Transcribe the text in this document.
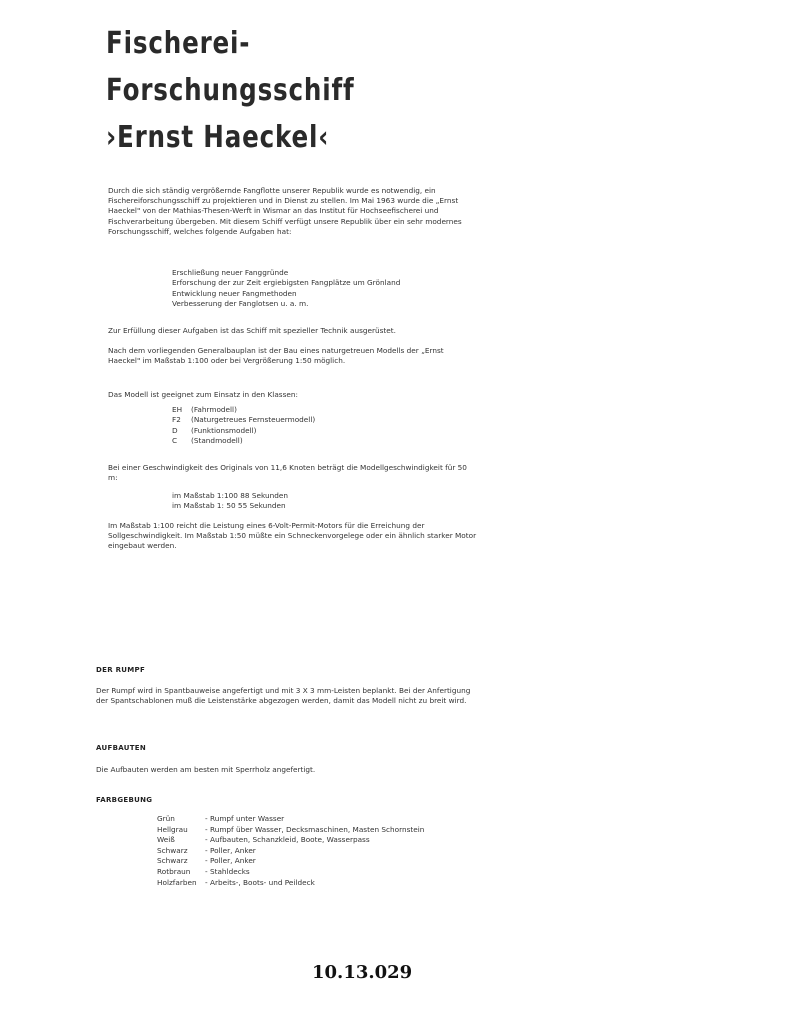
Fischerei-
Forschungsschiff
›Ernst Haeckel‹
Durch die sich ständig vergrößernde Fangflotte unserer Republik wurde es notwendig, ein Fischereiforschungsschiff zu projektieren und in Dienst zu stellen. Im Mai 1963 wurde die „Ernst Haeckel" von der Mathias-Thesen-Werft in Wismar an das Institut für Hochseefischerei und Fischverarbeitung übergeben. Mit diesem Schiff verfügt unsere Republik über ein sehr modernes Forschungsschiff, welches folgende Aufgaben hat:
Erschließung neuer Fanggründe
Erforschung der zur Zeit ergiebigsten Fangplätze um Grönland
Entwicklung neuer Fangmethoden
Verbesserung der Fanglotsen u. a. m.
Zur Erfüllung dieser Aufgaben ist das Schiff mit spezieller Technik ausgerüstet.
Nach dem vorliegenden Generalbauplan ist der Bau eines naturgetreuen Modells der „Ernst Haeckel" im Maßstab 1:100 oder bei Vergrößerung 1:50 möglich.
Das Modell ist geeignet zum Einsatz in den Klassen:
EH	(Fahrmodell)
F2	(Naturgetreues Fernsteuermodell)
D	(Funktionsmodell)
C	(Standmodell)
Bei einer Geschwindigkeit des Originals von 11,6 Knoten beträgt die Modellgeschwindigkeit für 50 m:
im Maßstab 1:100 88 Sekunden
im Maßstab 1: 50 55 Sekunden
Im Maßstab 1:100 reicht die Leistung eines 6-Volt-Permit-Motors für die Erreichung der Sollgeschwindigkeit. Im Maßstab 1:50 müßte ein Schneckenvorgelege oder ein ähnlich starker Motor eingebaut werden.
DER RUMPF
Der Rumpf wird in Spantbauweise angefertigt und mit 3 X 3 mm-Leisten beplankt. Bei der Anfertigung der Spantschablonen muß die Leistenstärke abgezogen werden, damit das Modell nicht zu breit wird.
AUFBAUTEN
Die Aufbauten werden am besten mit Sperrholz angefertigt.
FARBGEBUNG
Grün	- Rumpf unter Wasser
Hellgrau	- Rumpf über Wasser, Decksmaschinen, Masten Schornstein
Weiß	- Aufbauten, Schanzkleid, Boote, Wasserpass
Schwarz	- Poller, Anker
Schwarz	- Poller, Anker
Rotbraun	- Stahldecks
Holzfarben	- Arbeits-, Boots- und Peildeck
10.13.029
